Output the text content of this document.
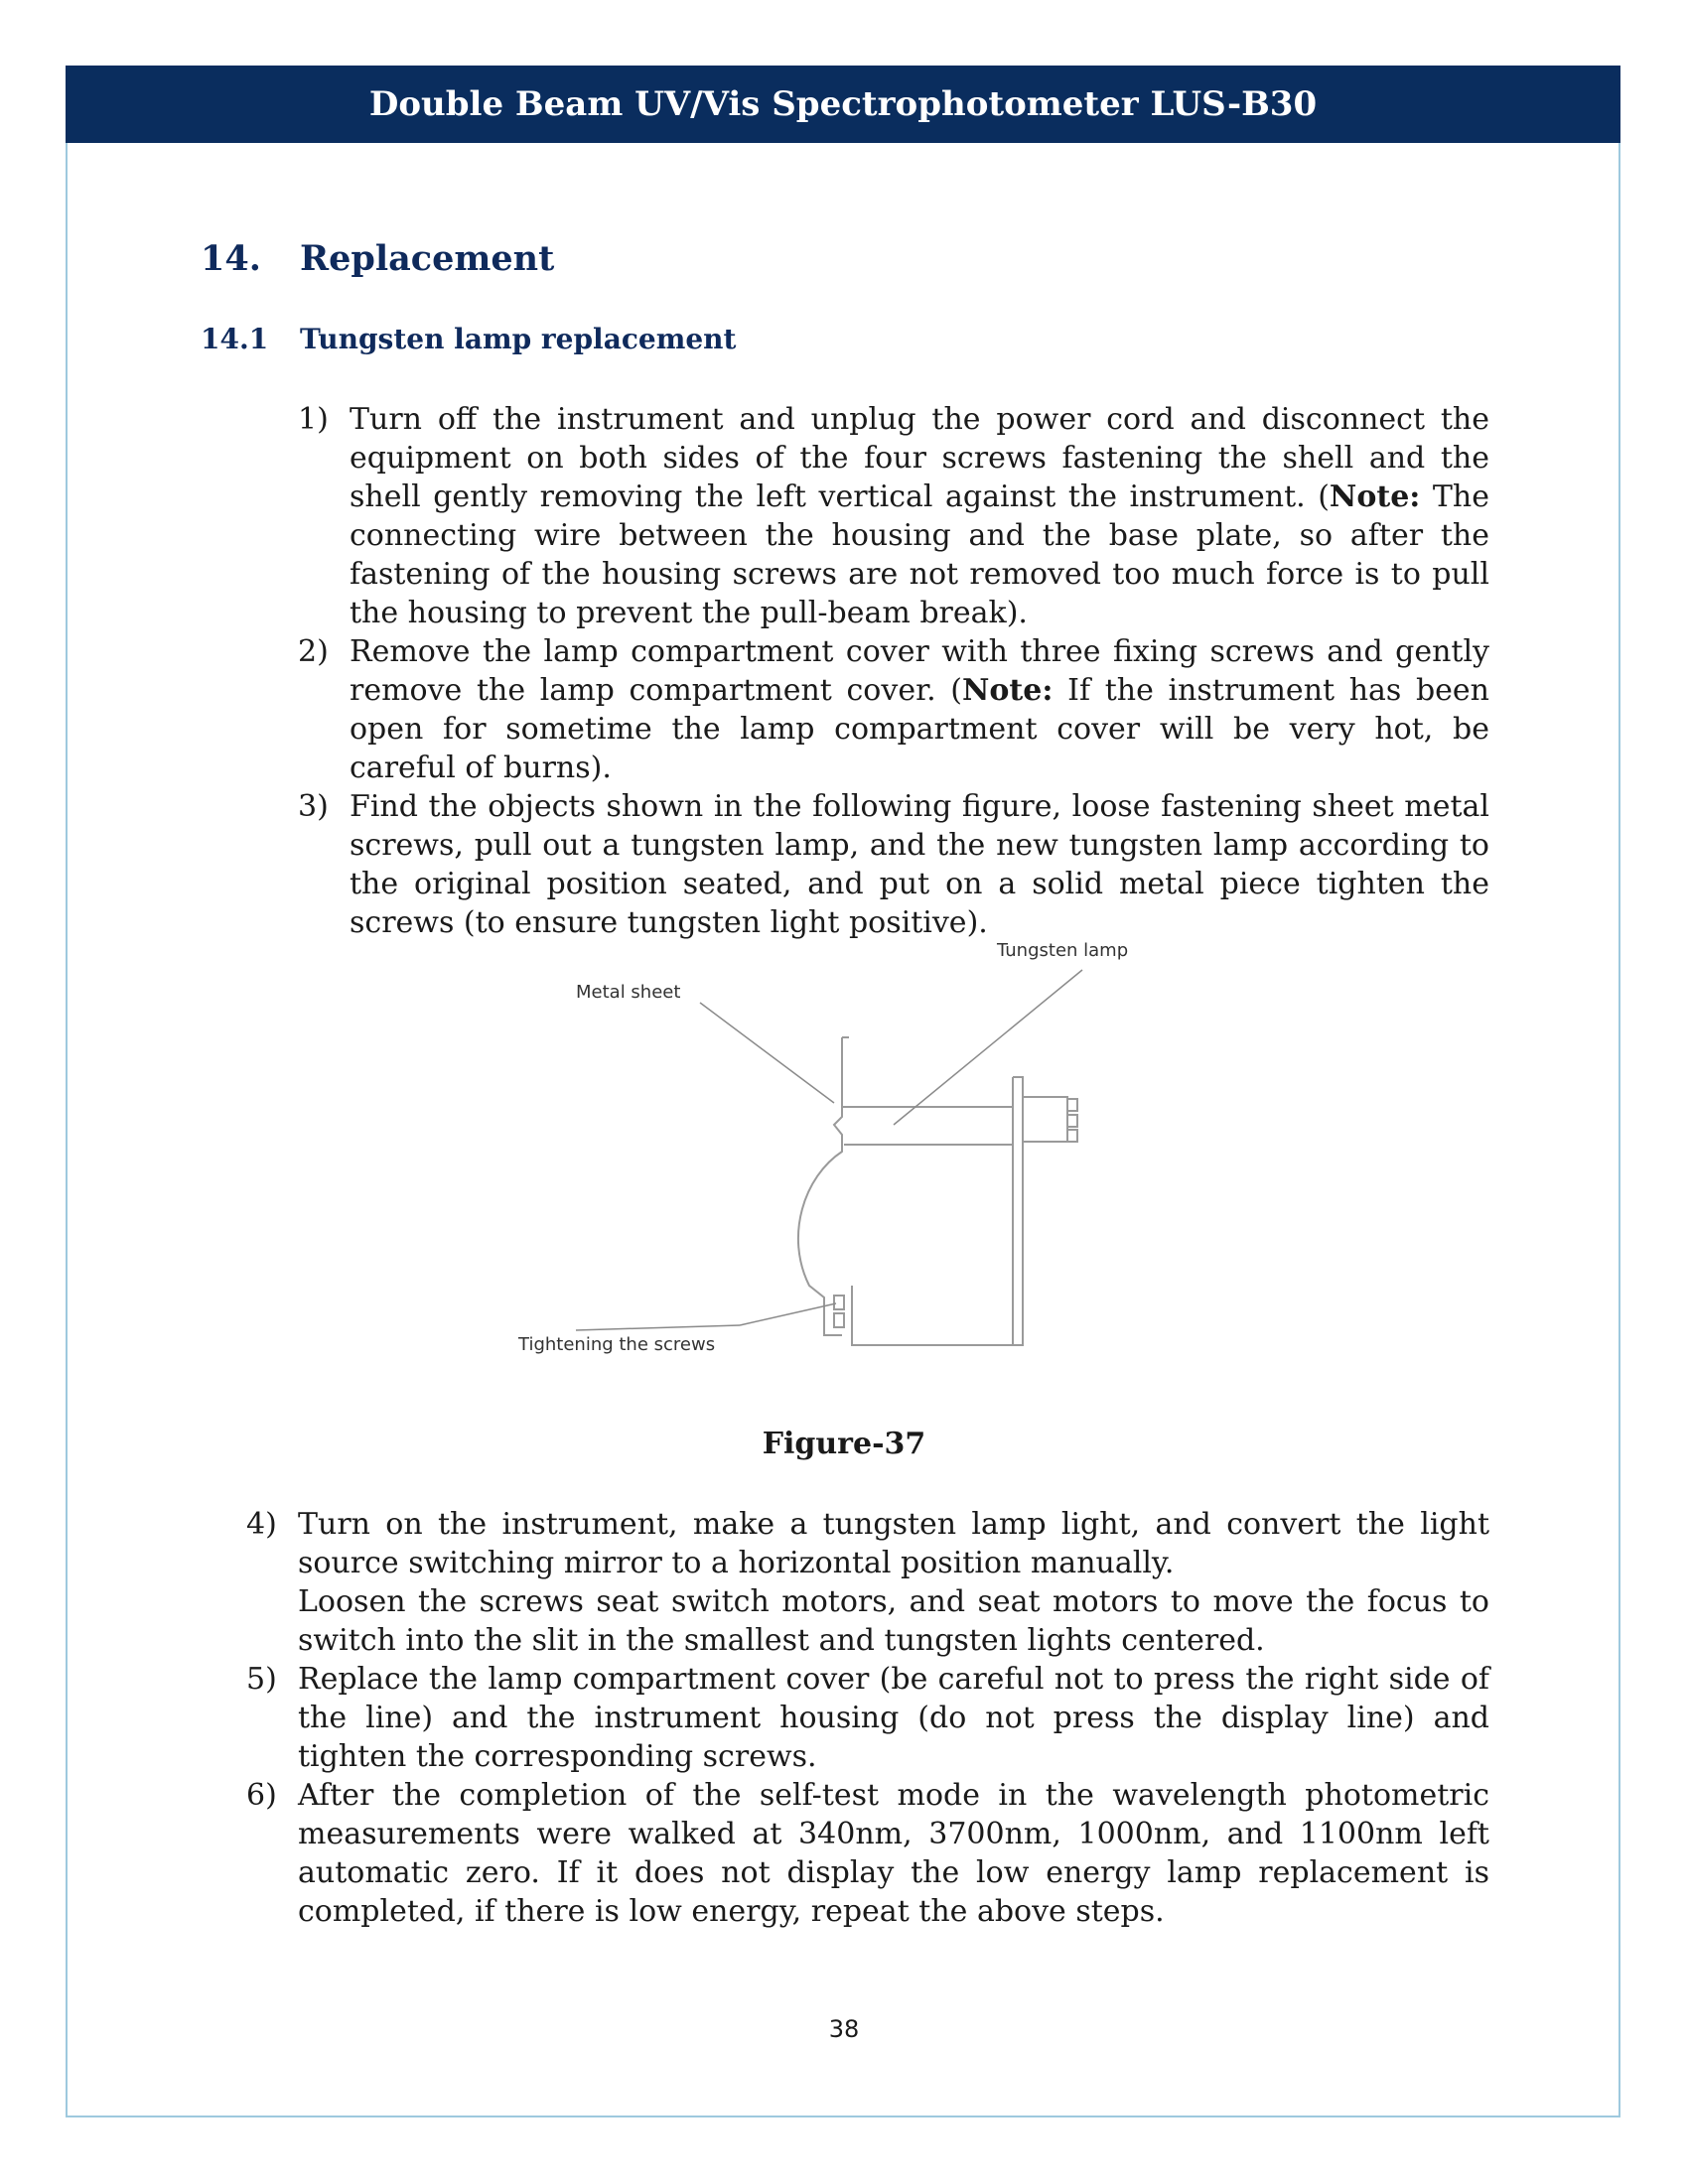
Double Beam UV/Vis Spectrophotometer LUS-B30
14. Replacement
14.1 Tungsten lamp replacement
1) Turn off the instrument and unplug the power cord and disconnect the equipment on both sides of the four screws fastening the shell and the shell gently removing the left vertical against the instrument. (Note: The connecting wire between the housing and the base plate, so after the fastening of the housing screws are not removed too much force is to pull the housing to prevent the pull-beam break).
2) Remove the lamp compartment cover with three fixing screws and gently remove the lamp compartment cover. (Note: If the instrument has been open for sometime the lamp compartment cover will be very hot, be careful of burns).
3) Find the objects shown in the following figure, loose fastening sheet metal screws, pull out a tungsten lamp, and the new tungsten lamp according to the original position seated, and put on a solid metal piece tighten the screws (to ensure tungsten light positive).
Tungsten lamp
Metal sheet
Tightening the screws
Figure-37
4) Turn on the instrument, make a tungsten lamp light, and convert the light source switching mirror to a horizontal position manually.
Loosen the screws seat switch motors, and seat motors to move the focus to switch into the slit in the smallest and tungsten lights centered.
5) Replace the lamp compartment cover (be careful not to press the right side of the line) and the instrument housing (do not press the display line) and tighten the corresponding screws.
6) After the completion of the self-test mode in the wavelength photometric measurements were walked at 340nm, 3700nm, 1000nm, and 1100nm left automatic zero. If it does not display the low energy lamp replacement is completed, if there is low energy, repeat the above steps.
38
